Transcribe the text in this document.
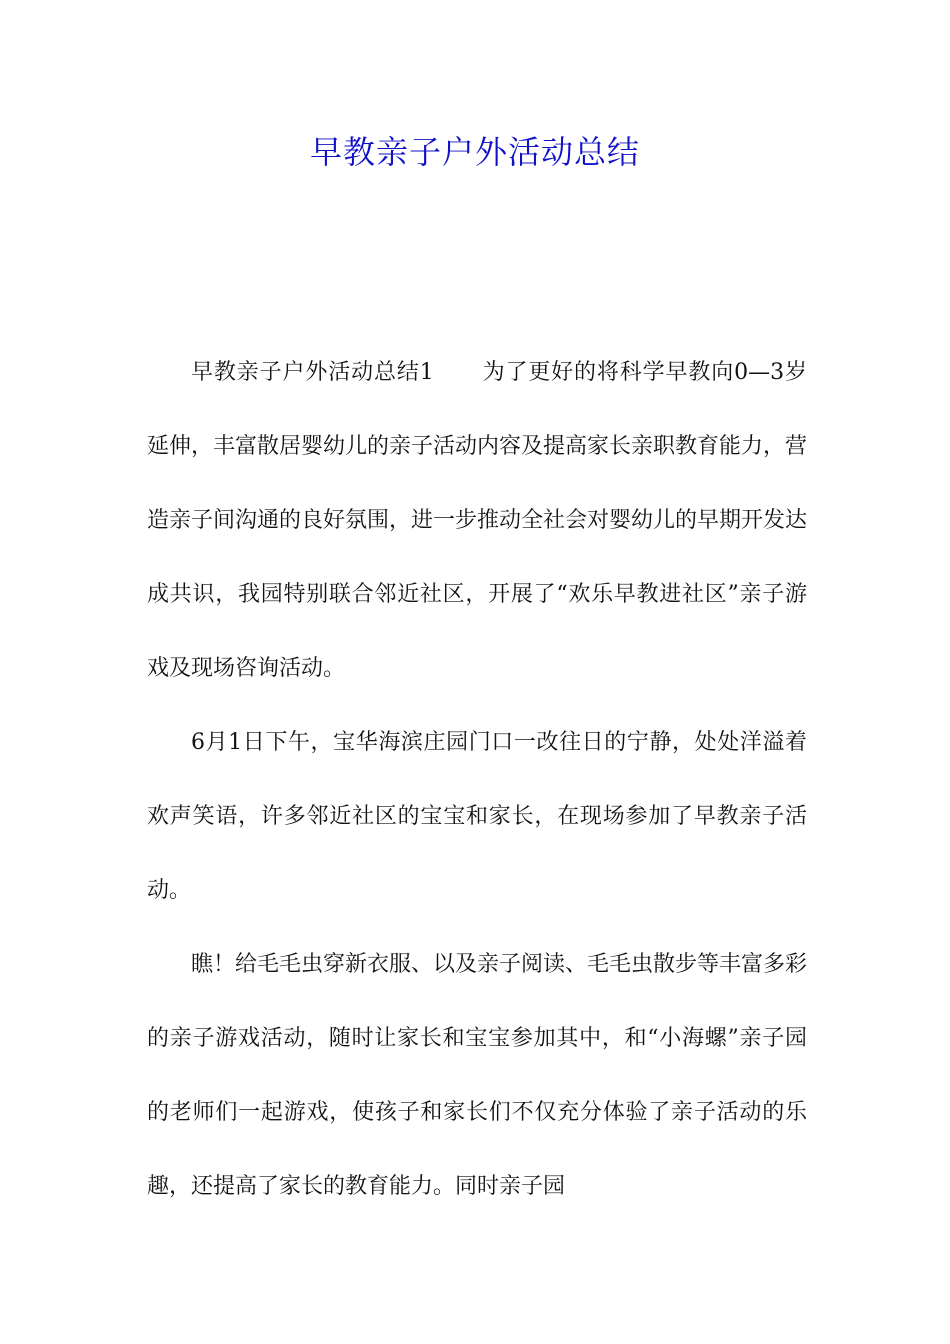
早教亲子户外活动总结

早教亲子户外活动总结1 为了更好的将科学早教向0—3岁延伸，丰富散居婴幼儿的亲子活动内容及提高家长亲职教育能力，营造亲子间沟通的良好氛围，进一步推动全社会对婴幼儿的早期开发达成共识，我园特别联合邻近社区，开展了“欢乐早教进社区”亲子游戏及现场咨询活动。

6月1日下午，宝华海滨庄园门口一改往日的宁静，处处洋溢着欢声笑语，许多邻近社区的宝宝和家长，在现场参加了早教亲子活动。

瞧！给毛毛虫穿新衣服、以及亲子阅读、毛毛虫散步等丰富多彩的亲子游戏活动，随时让家长和宝宝参加其中，和“小海螺”亲子园的老师们一起游戏，使孩子和家长们不仅充分体验了亲子活动的乐趣，还提高了家长的教育能力。同时亲子园
